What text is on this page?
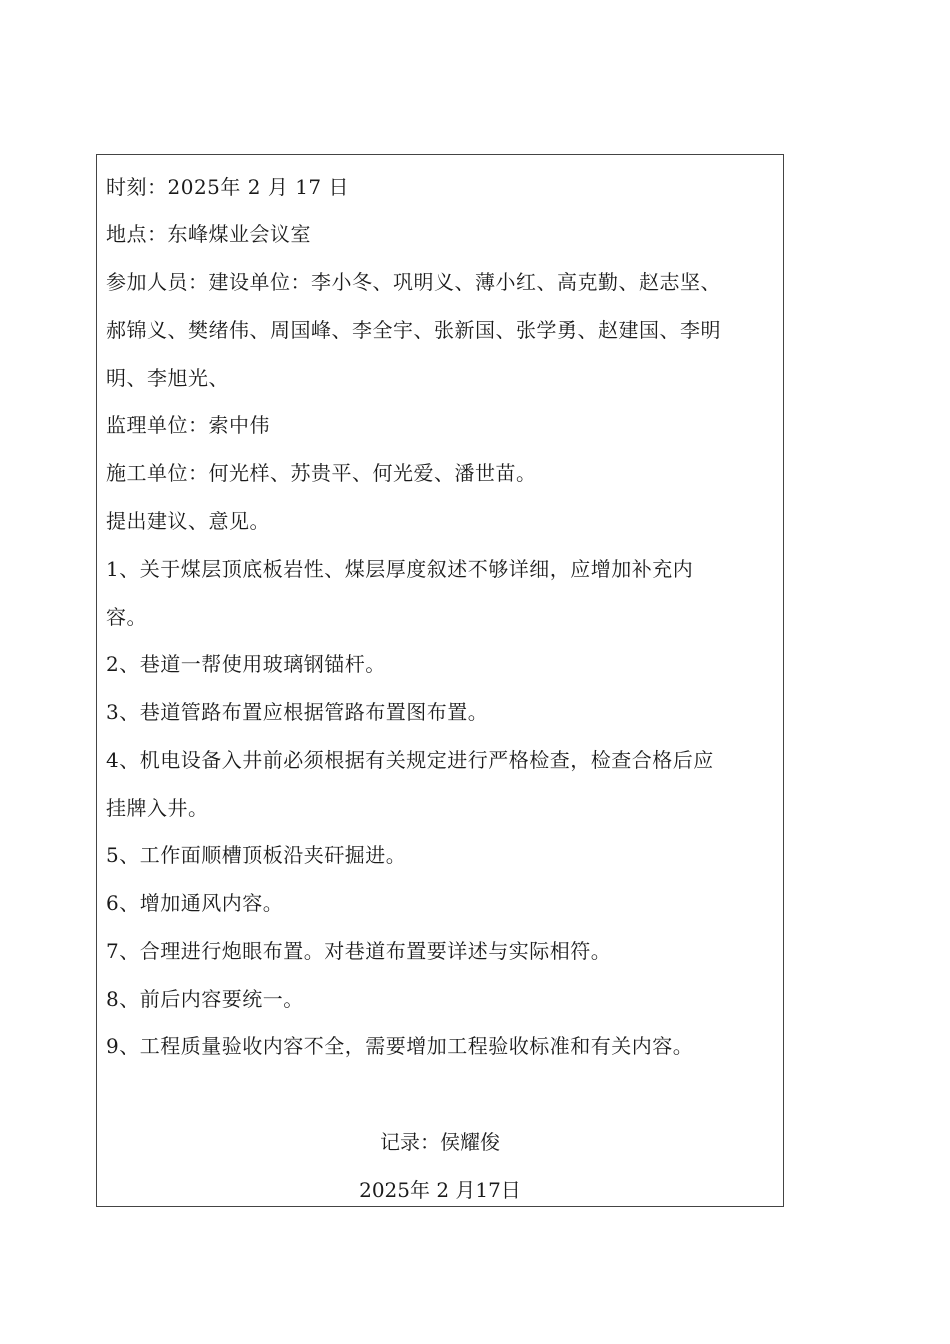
时刻：2025年 2 月 17 日
地点：东峰煤业会议室
参加人员：建设单位：李小冬、巩明义、薄小红、高克勤、赵志坚、
郝锦义、樊绪伟、周国峰、李全宇、张新国、张学勇、赵建国、李明
明、李旭光、
监理单位：索中伟
施工单位：何光样、苏贵平、何光爱、潘世苗。
提出建议、意见。
1、关于煤层顶底板岩性、煤层厚度叙述不够详细，应增加补充内
容。
2、巷道一帮使用玻璃钢锚杆。
3、巷道管路布置应根据管路布置图布置。
4、机电设备入井前必须根据有关规定进行严格检查，检查合格后应
挂牌入井。
5、工作面顺槽顶板沿夹矸掘进。
6、增加通风内容。
7、合理进行炮眼布置。对巷道布置要详述与实际相符。
8、前后内容要统一。
9、工程质量验收内容不全，需要增加工程验收标准和有关内容。
记录：侯耀俊
2025年 2 月17日
